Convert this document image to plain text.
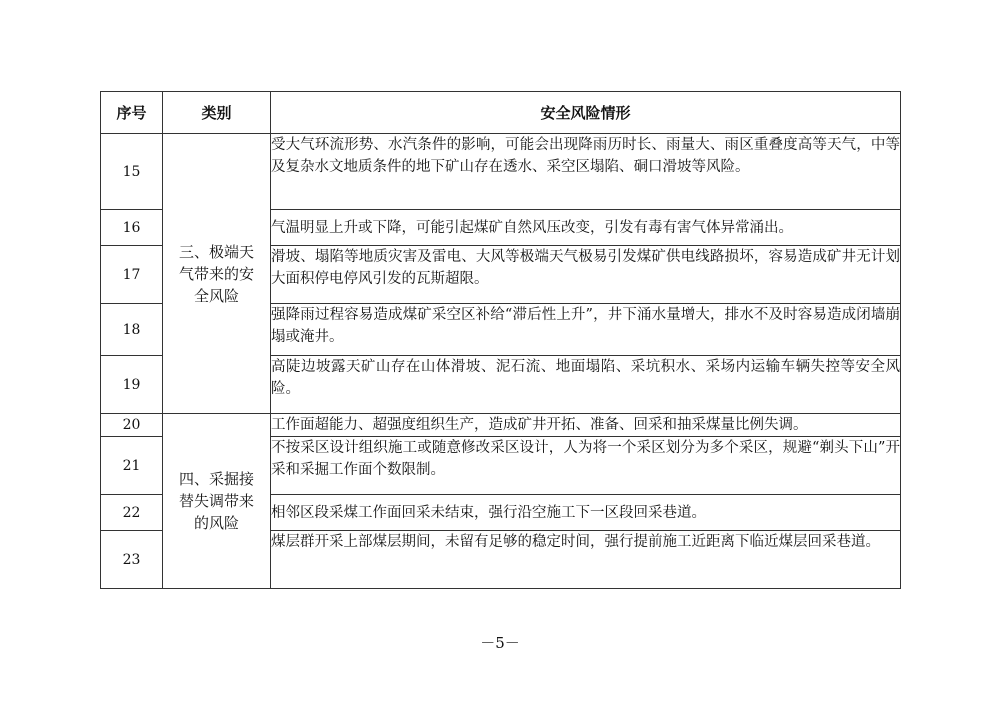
序号	类别	安全风险情形
15	三、极端天气带来的安全风险	受大气环流形势、水汽条件的影响，可能会出现降雨历时长、雨量大、雨区重叠度高等天气，中等及复杂水文地质条件的地下矿山存在透水、采空区塌陷、硐口滑坡等风险。
16		气温明显上升或下降，可能引起煤矿自然风压改变，引发有毒有害气体异常涌出。
17		滑坡、塌陷等地质灾害及雷电、大风等极端天气极易引发煤矿供电线路损坏，容易造成矿井无计划大面积停电停风引发的瓦斯超限。
18		强降雨过程容易造成煤矿采空区补给“滞后性上升”，井下涌水量增大，排水不及时容易造成闭墙崩塌或淹井。
19		高陡边坡露天矿山存在山体滑坡、泥石流、地面塌陷、采坑积水、采场内运输车辆失控等安全风险。
20	四、采掘接替失调带来的风险	工作面超能力、超强度组织生产，造成矿井开拓、准备、回采和抽采煤量比例失调。
21		不按采区设计组织施工或随意修改采区设计，人为将一个采区划分为多个采区，规避“剃头下山”开采和采掘工作面个数限制。
22		相邻区段采煤工作面回采未结束，强行沿空施工下一区段回采巷道。
23		煤层群开采上部煤层期间，未留有足够的稳定时间，强行提前施工近距离下临近煤层回采巷道。
－5－
